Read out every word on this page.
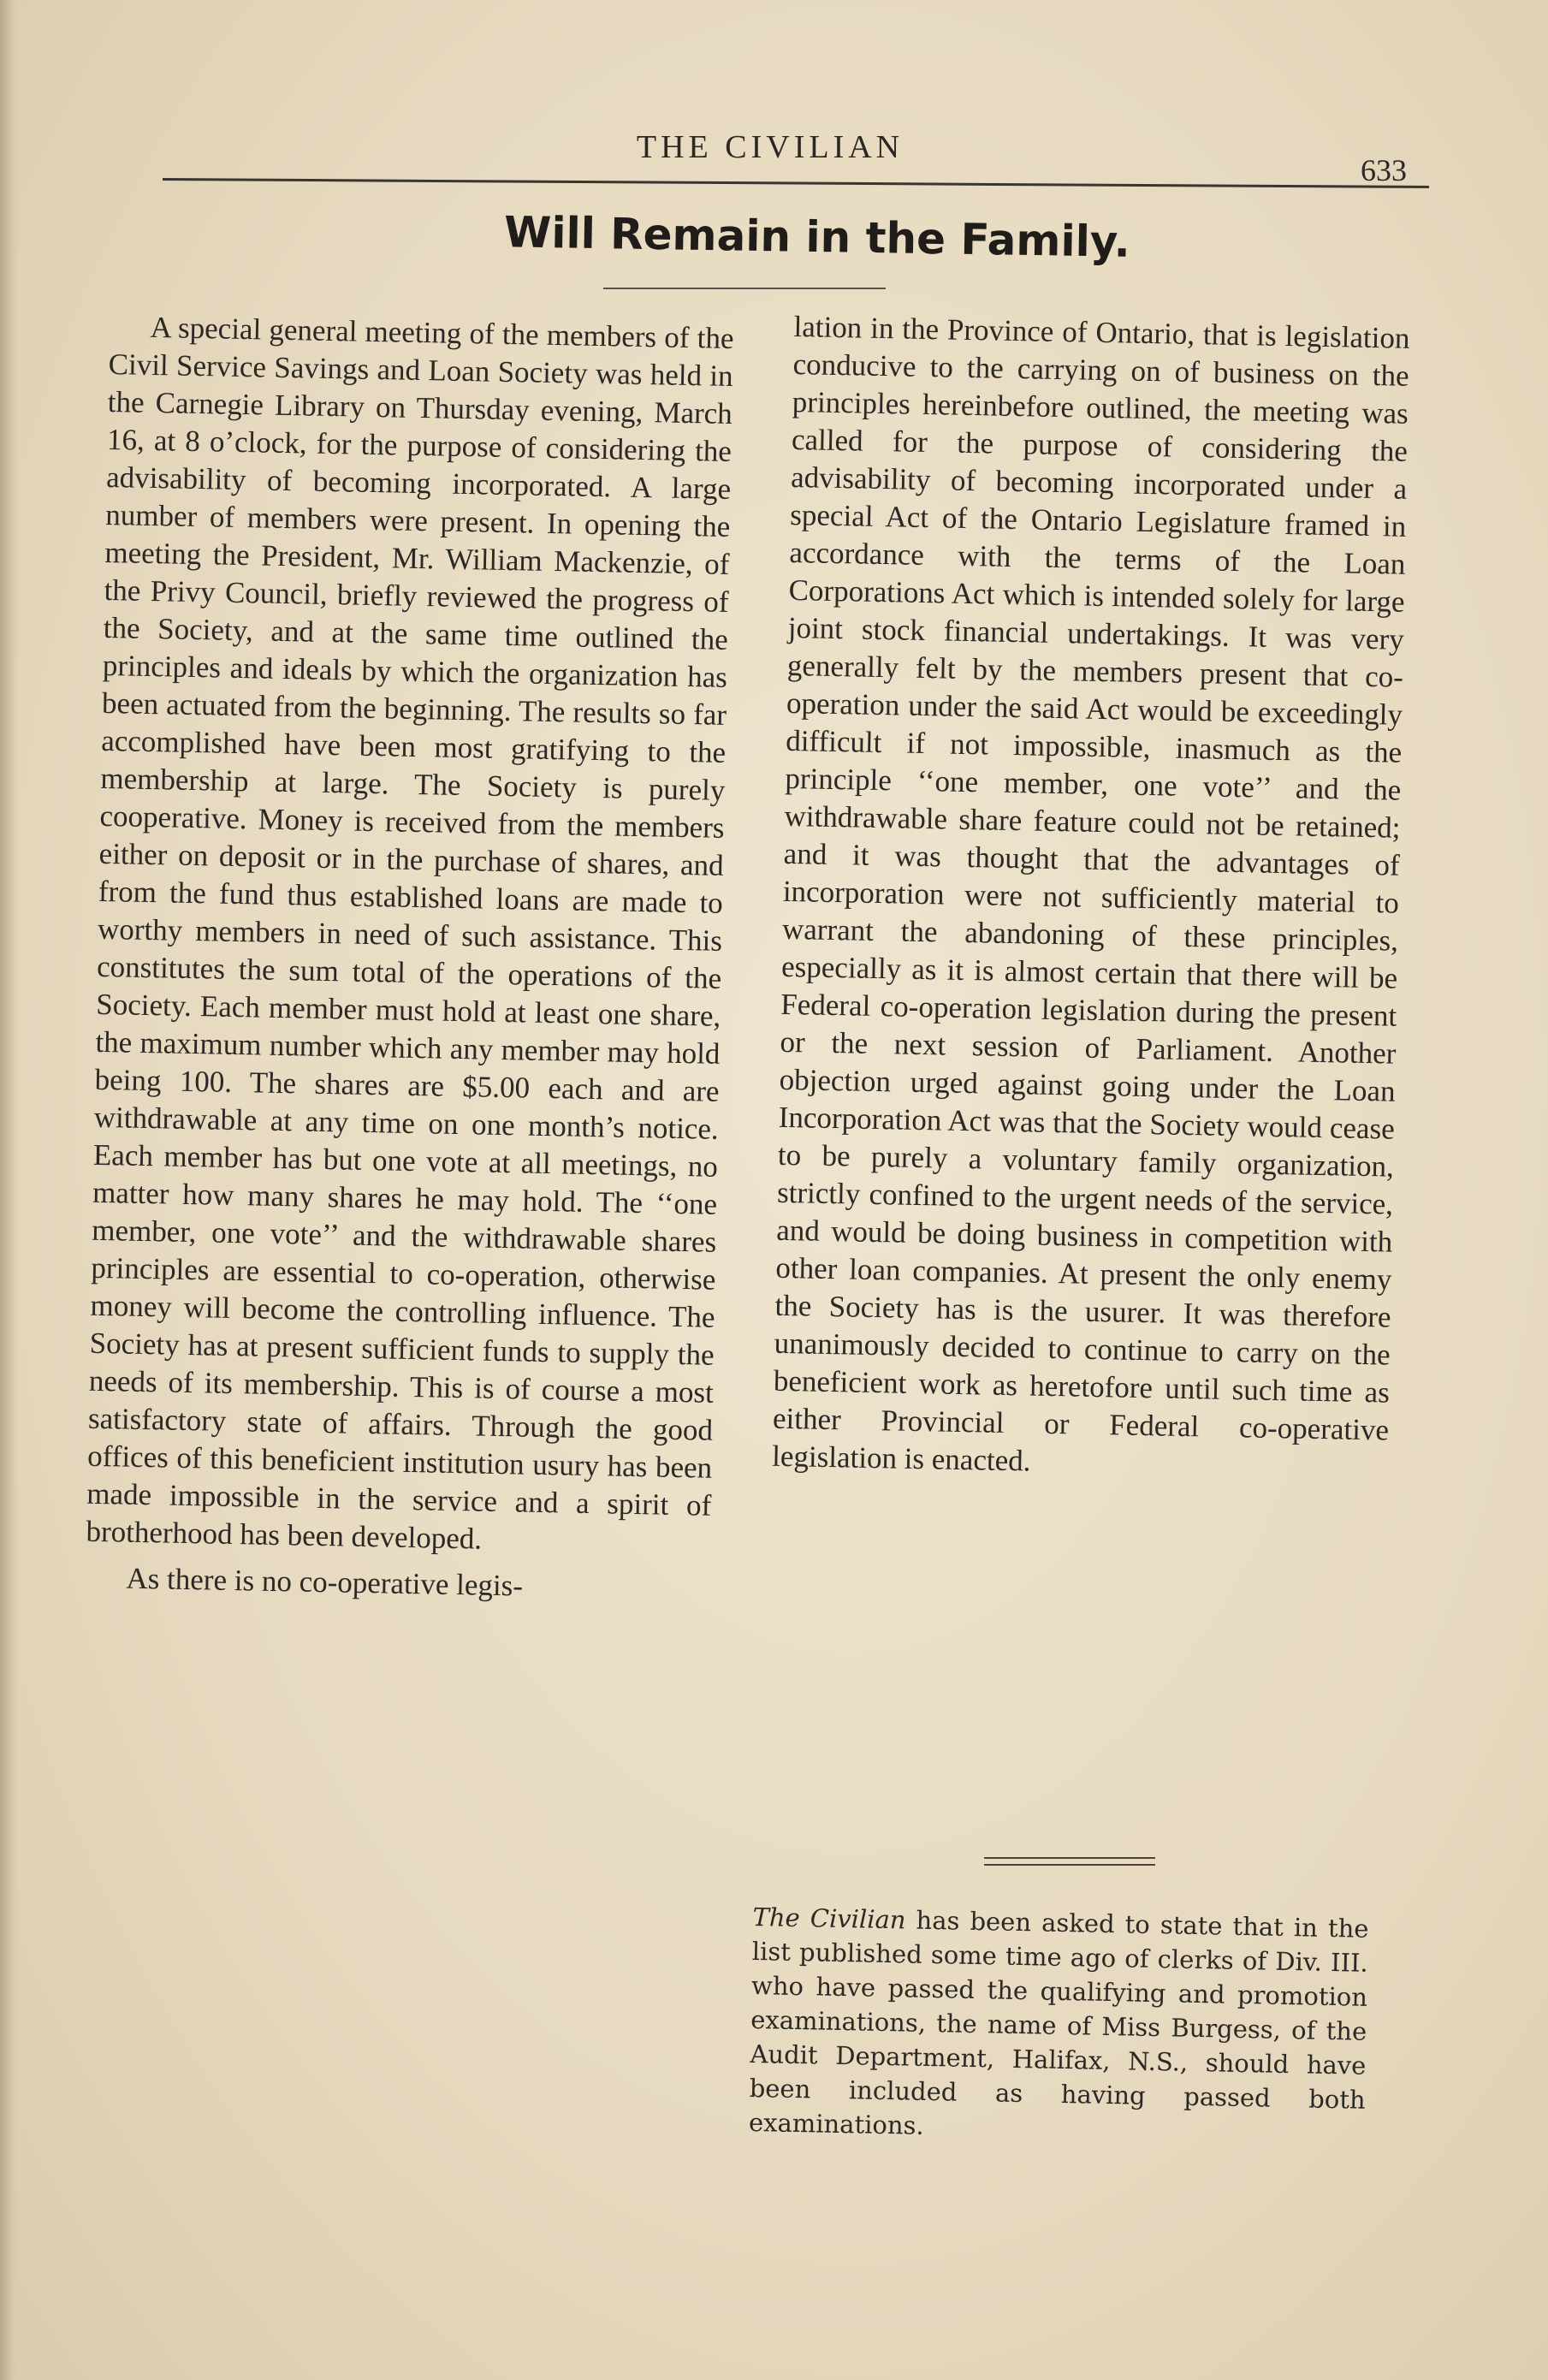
THE CIVILIAN
633
Will Remain in the Family.

A special general meeting of the members of the Civil Service Savings and Loan Society was held in the Carnegie Library on Thursday evening, March 16, at 8 o’clock, for the purpose of considering the advisability of becoming incorporated. A large number of members were present. In opening the meeting the President, Mr. William Mackenzie, of the Privy Council, briefly reviewed the progress of the Society, and at the same time outlined the principles and ideals by which the organization has been actuated from the beginning. The results so far accomplished have been most gratifying to the membership at large. The Society is purely cooperative. Money is received from the members either on deposit or in the purchase of shares, and from the fund thus established loans are made to worthy members in need of such assistance. This constitutes the sum total of the operations of the Society. Each member must hold at least one share, the maximum number which any member may hold being 100. The shares are $5.00 each and are withdrawable at any time on one month’s notice. Each member has but one vote at all meetings, no matter how many shares he may hold. The ‘‘one member, one vote’’ and the withdrawable shares principles are essential to co-operation, otherwise money will become the controlling influence. The Society has at present sufficient funds to supply the needs of its membership. This is of course a most satisfactory state of affairs. Through the good offices of this beneficient institution usury has been made impossible in the service and a spirit of brotherhood has been developed.

As there is no co-operative legis-

lation in the Province of Ontario, that is legislation conducive to the carrying on of business on the principles hereinbefore outlined, the meeting was called for the purpose of considering the advisability of becoming incorporated under a special Act of the Ontario Legislature framed in accordance with the terms of the Loan Corporations Act which is intended solely for large joint stock financial undertakings. It was very generally felt by the members present that co-operation under the said Act would be exceedingly difficult if not impossible, inasmuch as the principle ‘‘one member, one vote’’ and the withdrawable share feature could not be retained; and it was thought that the advantages of incorporation were not sufficiently material to warrant the abandoning of these principles, especially as it is almost certain that there will be Federal co-operation legislation during the present or the next session of Parliament. Another objection urged against going under the Loan Incorporation Act was that the Society would cease to be purely a voluntary family organization, strictly confined to the urgent needs of the service, and would be doing business in competition with other loan companies. At present the only enemy the Society has is the usurer. It was therefore unanimously decided to continue to carry on the beneficient work as heretofore until such time as either Provincial or Federal co-operative legislation is enacted.

The Civilian has been asked to state that in the list published some time ago of clerks of Div. III. who have passed the qualifying and promotion examinations, the name of Miss Burgess, of the Audit Department, Halifax, N.S., should have been included as having passed both examinations.
